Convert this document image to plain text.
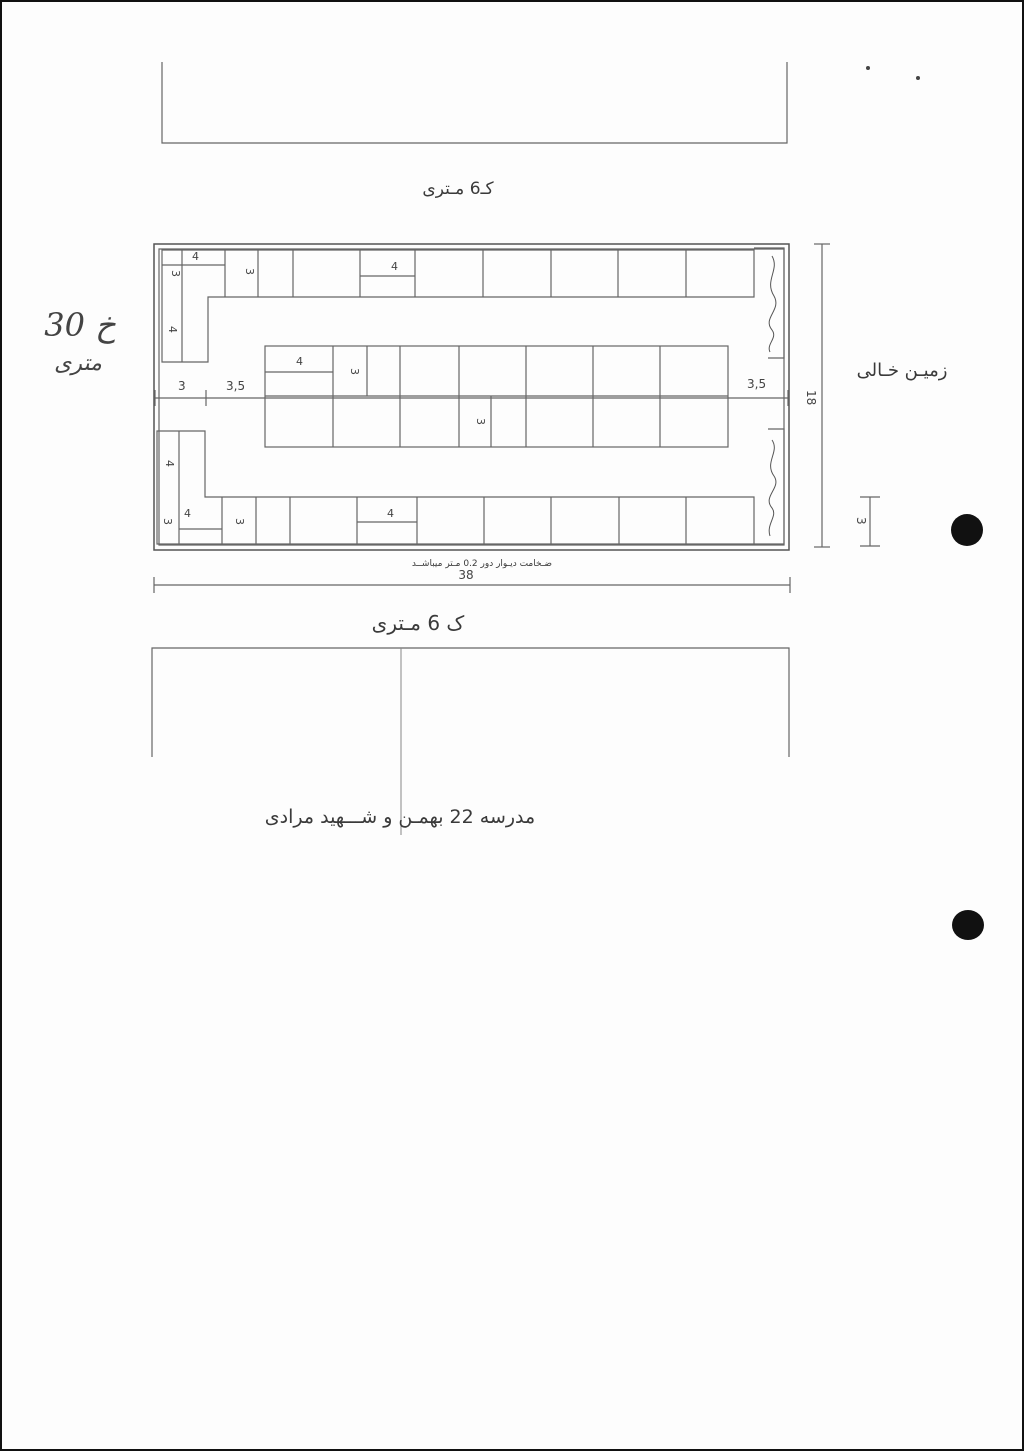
کـ6 مـتری
4
3	3	4
4
4
3
3
4
3
4
3
4
3	3,5	3,5
18
3
زمیـن خـالی
ضـخامت دیـوار دور 0.2 مـتر میباشــد
38
ک 6 مـتری
مدرسه 22 بهمـن و شـــهید مرادی
خ 30
متری
